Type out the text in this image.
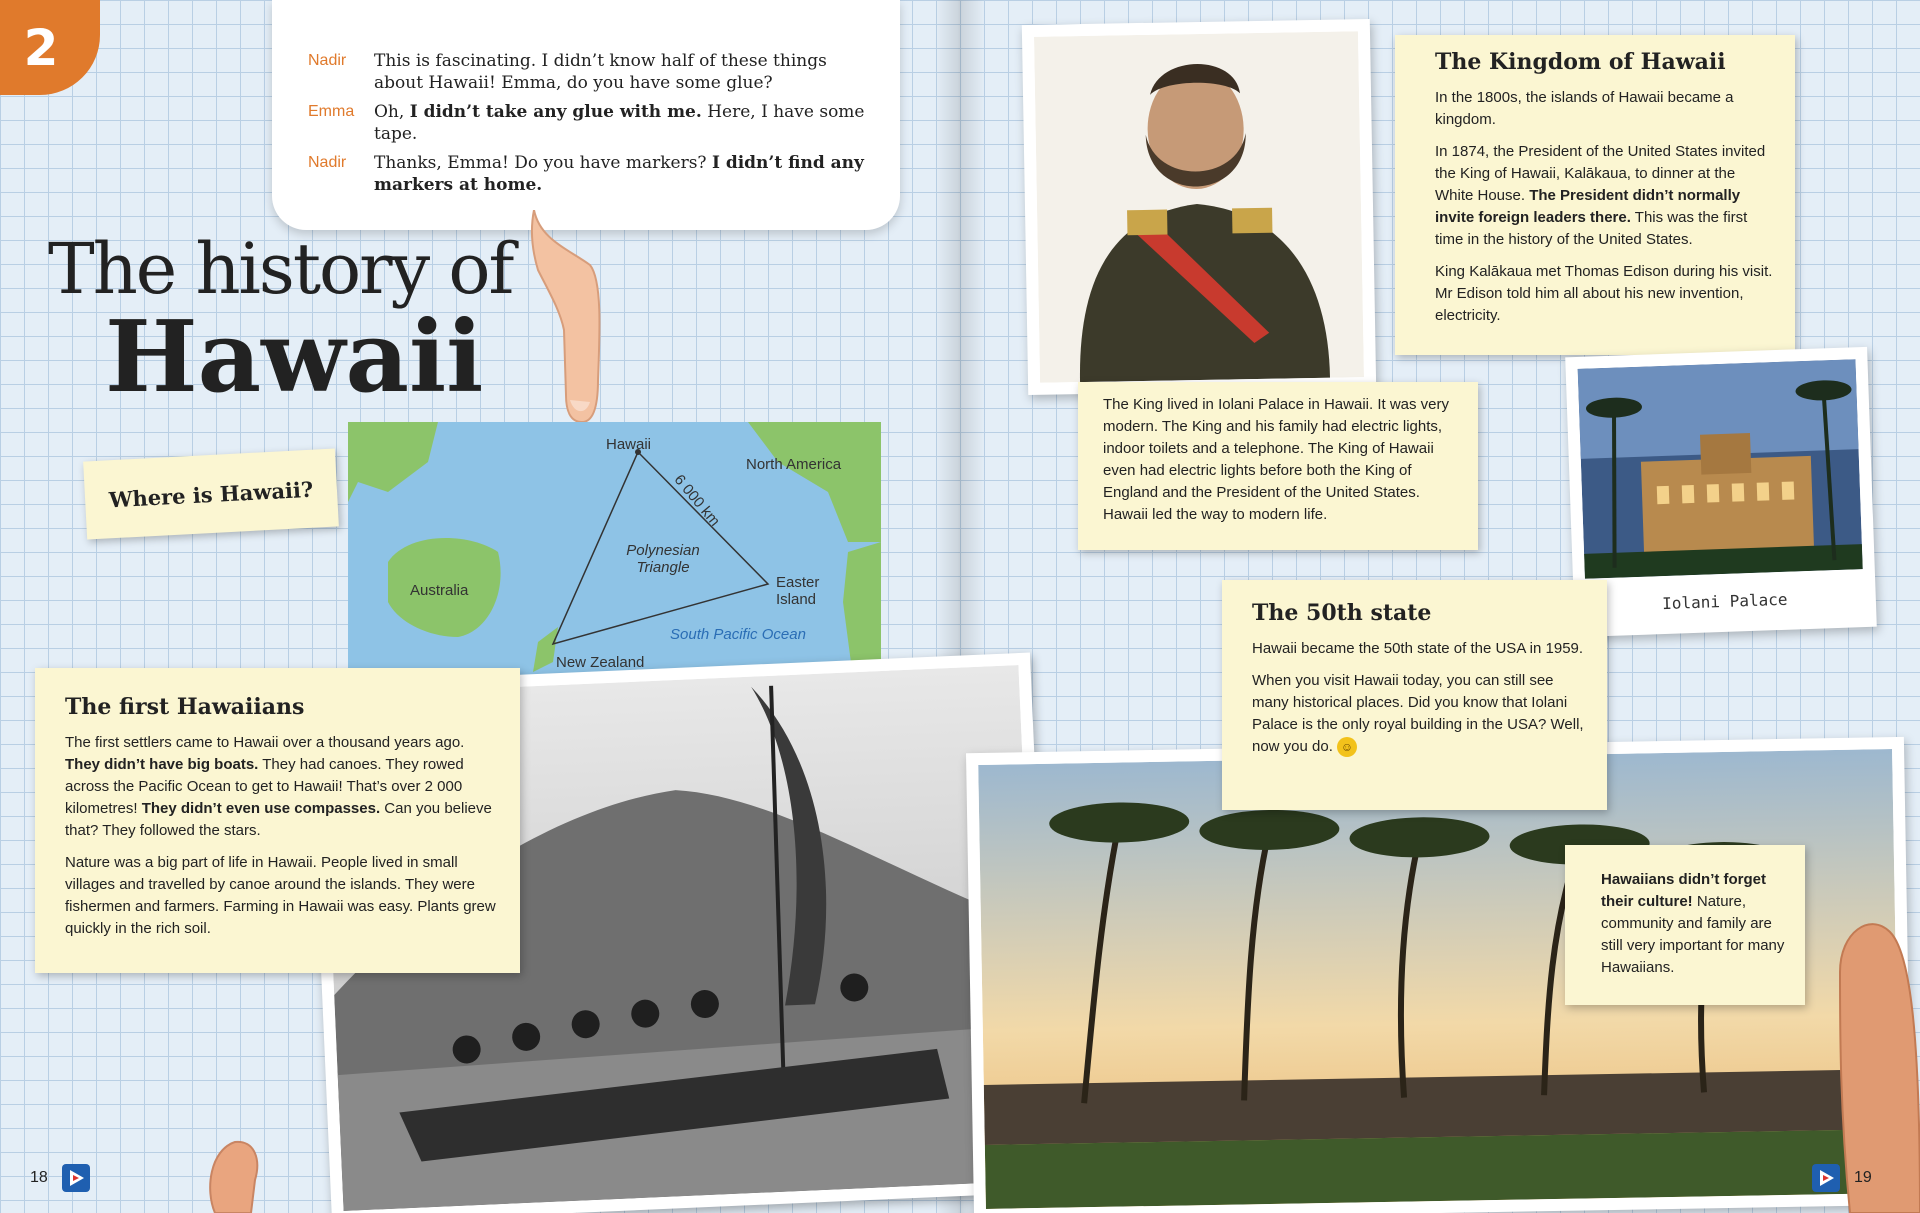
2	Nadir	This is fascinating. I didn’t know half of these things about Hawaii! Emma, do you have some glue?
Emma	Oh, I didn’t take any glue with me. Here, I have some tape.
Nadir	Thanks, Emma! Do you have markers? I didn’t find any markers at home.
The history of
Hawaii
Hawaii
North America
6 000 km
Polynesian Triangle
Australia	Easter Island
South Pacific Ocean
New Zealand
Where is Hawaii?
The first Hawaiians

The first settlers came to Hawaii over a thousand years ago. They didn’t have big boats. They had canoes. They rowed across the Pacific Ocean to get to Hawaii! That’s over 2 000 kilometres! They didn’t even use compasses. Can you believe that? They followed the stars.

Nature was a big part of life in Hawaii. People lived in small villages and travelled by canoe around the islands. They were fishermen and farmers. Farming in Hawaii was easy. Plants grew quickly in the rich soil.

18
The Kingdom of Hawaii

In the 1800s, the islands of Hawaii became a kingdom.

In 1874, the President of the United States invited the King of Hawaii, Kalākaua, to dinner at the White House. The President didn’t normally invite foreign leaders there. This was the first time in the history of the United States.

King Kalākaua met Thomas Edison during his visit. Mr Edison told him all about his new invention, electricity.

The King lived in Iolani Palace in Hawaii. It was very modern. The King and his family had electric lights, indoor toilets and a telephone. The King of Hawaii even had electric lights before both the King of England and the President of the United States. Hawaii led the way to modern life.

Iolani Palace
The 50th state

Hawaii became the 50th state of the USA in 1959.

When you visit Hawaii today, you can still see many historical places. Did you know that Iolani Palace is the only royal building in the USA? Well, now you do. ☺

Hawaiians didn’t forget their culture! Nature, community and family are still very important for many Hawaiians.

19
